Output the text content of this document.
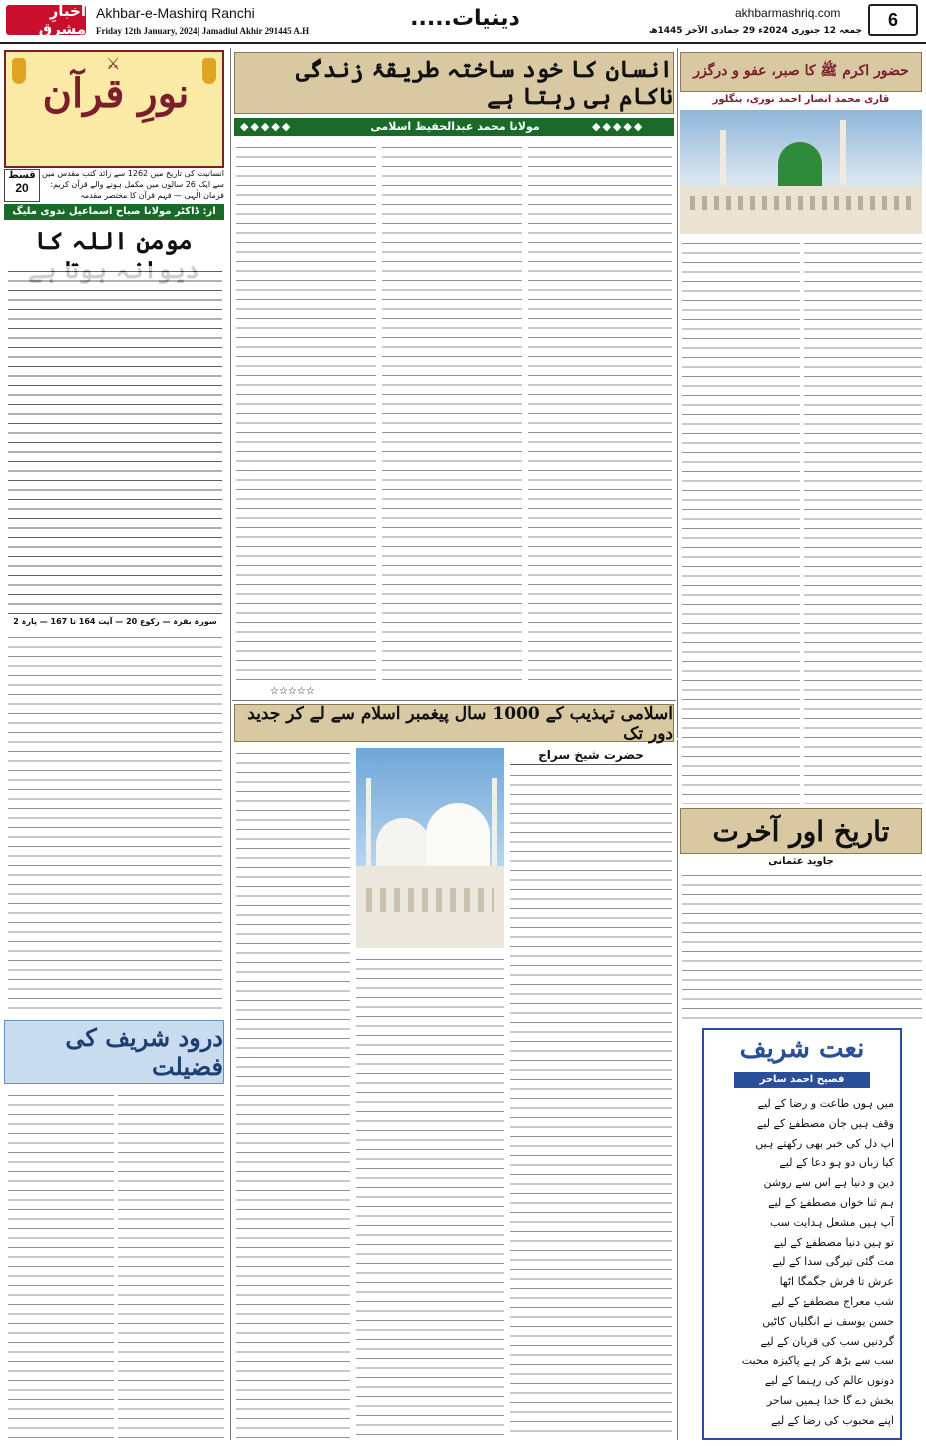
اخبارِ مشرق
Akhbar-e-Mashirq Ranchi
Friday 12th January, 2024| Jamadiul Akhir 291445 A.H	دینیات.....	akhbarmashriq.com
جمعہ 12 جنوری 2024ء 29 جمادی الآخر 1445ھ
6
⚔
نورِ قرآن
انسانیت کی تاریخ میں 1262 سے زائد کتب مقدس میں سے ایک 26 سالوں میں مکمل ہونے والے قرآن کریم: فرمان الٰہی — فہم قرآن کا مختصر مقدمہ
قسط
20
از: ڈاکٹر مولانا صباح اسماعیل ندوی ملیگ
مومن اللہ کا
سورہ بقرہ — رکوع 20 — آیت 164 تا 167 — پارہ 2
درود شریف کی فضیلت
انسان کا خود ساختہ طریقۂ زندگی ناکام ہی رہتا ہے
◆◆◆◆◆	مولانا محمد عبدالحفیظ اسلامی	◆◆◆◆◆
☆☆☆☆☆
اسلامی تہذیب کے 1000 سال پیغمبر اسلام سے لے کر جدید دور تک
حضرت شیخ سراج
حضور اکرم ﷺ کا صبر، عفو و درگزر
قاری محمد انصار احمد نوری، بنگلور
تاریخ اور آخرت
جاوید عثمانی
نعت شریف
فصیح احمد ساحر
میں ہوں طاعت و رضا کے لیے
وقف ہیں جان مصطفےٰ کے لیے
اپ دل کی خبر بھی رکھتے ہیں
کیا زباں دو ہو دعا کے لیے
دین و دنیا ہے اس سے روشن
ہم ثنا خواں مصطفےٰ کے لیے
آپ ہیں مشعل ہدایت سب
تو ہیں دنیا مصطفےٰ کے لیے
مت گئی تیرگی سدا کے لیے
عرش تا فرش جگمگا اٹھا
شب معراج مصطفےٰ کے لیے
حسن یوسف نے انگلیاں کاٹیں
گردنیں سب کی قربان کے لیے
سب سے بڑھ کر ہے پاکیزہ محبت
دونوں عالم کی رہنما کے لیے
بخش دے گا خدا ہمیں ساحر
اپنے محبوب کی رضا کے لیے
